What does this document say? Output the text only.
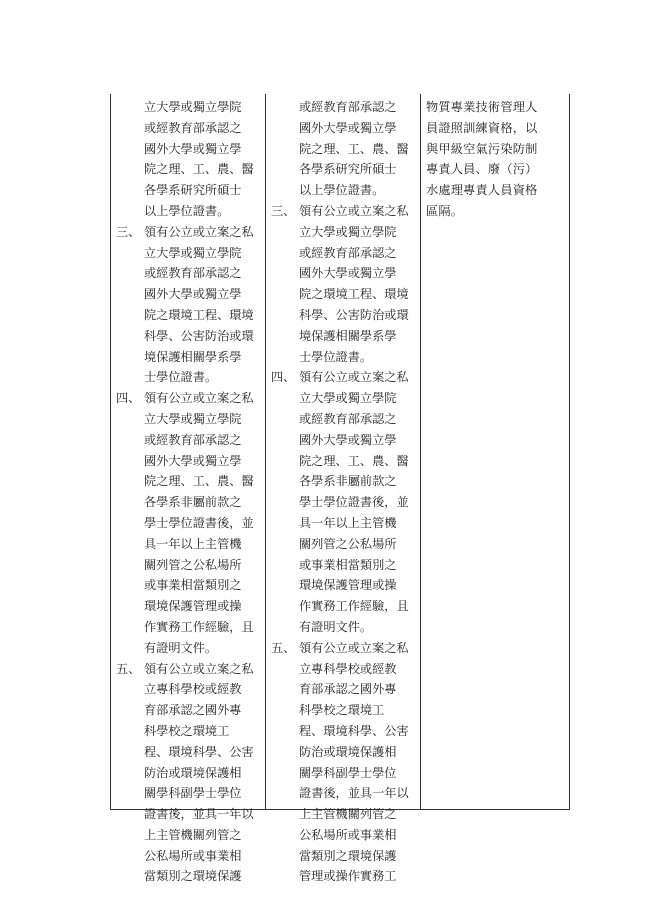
立大學或獨立學院
或經教育部承認之
國外大學或獨立學
院之理、工、農、醫
各學系研究所碩士
以上學位證書。
三、 領有公立或立案之私
立大學或獨立學院
或經教育部承認之
國外大學或獨立學
院之環境工程、環境
科學、公害防治或環
境保護相關學系學
士學位證書。
四、 領有公立或立案之私
立大學或獨立學院
或經教育部承認之
國外大學或獨立學
院之理、工、農、醫
各學系非屬前款之
學士學位證書後，並
具一年以上主管機
關列管之公私場所
或事業相當類別之
環境保護管理或操
作實務工作經驗，且
有證明文件。
五、 領有公立或立案之私
立專科學校或經教
育部承認之國外專
科學校之環境工
程、環境科學、公害
防治或環境保護相
關學科副學士學位
證書後，並具一年以
上主管機關列管之
公私場所或事業相
當類別之環境保護
或經教育部承認之
國外大學或獨立學
院之理、工、農、醫
各學系研究所碩士
以上學位證書。
三、 領有公立或立案之私
立大學或獨立學院
或經教育部承認之
國外大學或獨立學
院之環境工程、環境
科學、公害防治或環
境保護相關學系學
士學位證書。
四、 領有公立或立案之私
立大學或獨立學院
或經教育部承認之
國外大學或獨立學
院之理、工、農、醫
各學系非屬前款之
學士學位證書後，並
具一年以上主管機
關列管之公私場所
或事業相當類別之
環境保護管理或操
作實務工作經驗，且
有證明文件。
五、 領有公立或立案之私
立專科學校或經教
育部承認之國外專
科學校之環境工
程、環境科學、公害
防治或環境保護相
關學科副學士學位
證書後，並具一年以
上主管機關列管之
公私場所或事業相
當類別之環境保護
管理或操作實務工
物質專業技術管理人
員證照訓練資格，以
與甲級空氣污染防制
專責人員、廢（污）
水處理專責人員資格
區隔。
